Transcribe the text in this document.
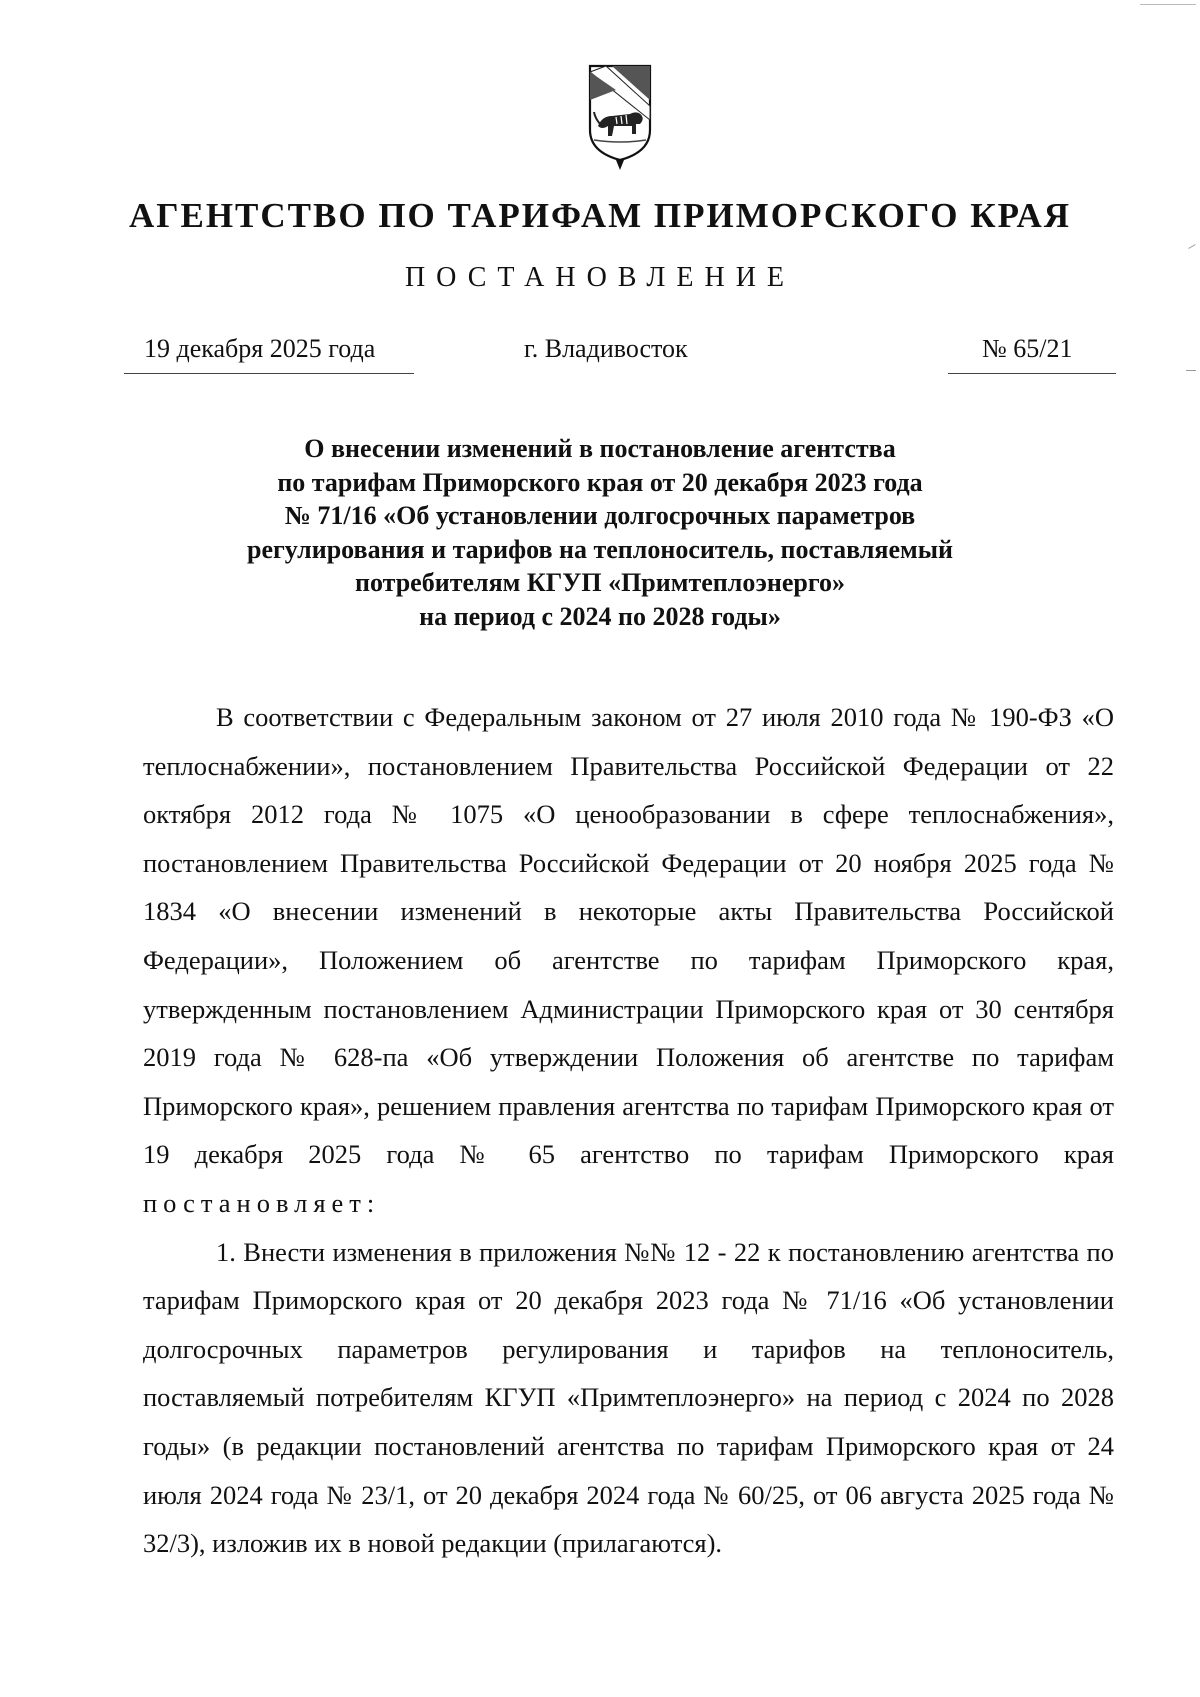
АГЕНТСТВО ПО ТАРИФАМ ПРИМОРСКОГО КРАЯ
ПОСТАНОВЛЕНИЕ
19 декабря 2025 года	г. Владивосток	№ 65/21
О внесении изменений в постановление агентства
по тарифам Приморского края от 20 декабря 2023 года
№ 71/16 «Об установлении долгосрочных параметров
регулирования и тарифов на теплоноситель, поставляемый
потребителям КГУП «Примтеплоэнерго»
на период с 2024 по 2028 годы»

В соответствии с Федеральным законом от 27 июля 2010 года № 190-ФЗ «О теплоснабжении», постановлением Правительства Российской Федерации от 22 октября 2012 года № 1075 «О ценообразовании в сфере теплоснабжения», постановлением Правительства Российской Федерации от 20 ноября 2025 года № 1834 «О внесении изменений в некоторые акты Правительства Российской Федерации», Положением об агентстве по тарифам Приморского края, утвержденным постановлением Администрации Приморского края от 30 сентября 2019 года № 628-па «Об утверждении Положения об агентстве по тарифам Приморского края», решением правления агентства по тарифам Приморского края от 19 декабря 2025 года № 65 агентство по тарифам Приморского края постановляет:

1. Внести изменения в приложения №№ 12 - 22 к постановлению агентства по тарифам Приморского края от 20 декабря 2023 года № 71/16 «Об установлении долгосрочных параметров регулирования и тарифов на теплоноситель, поставляемый потребителям КГУП «Примтеплоэнерго» на период с 2024 по 2028 годы» (в редакции постановлений агентства по тарифам Приморского края от 24 июля 2024 года № 23/1, от 20 декабря 2024 года № 60/25, от 06 августа 2025 года № 32/3), изложив их в новой редакции (прилагаются).
